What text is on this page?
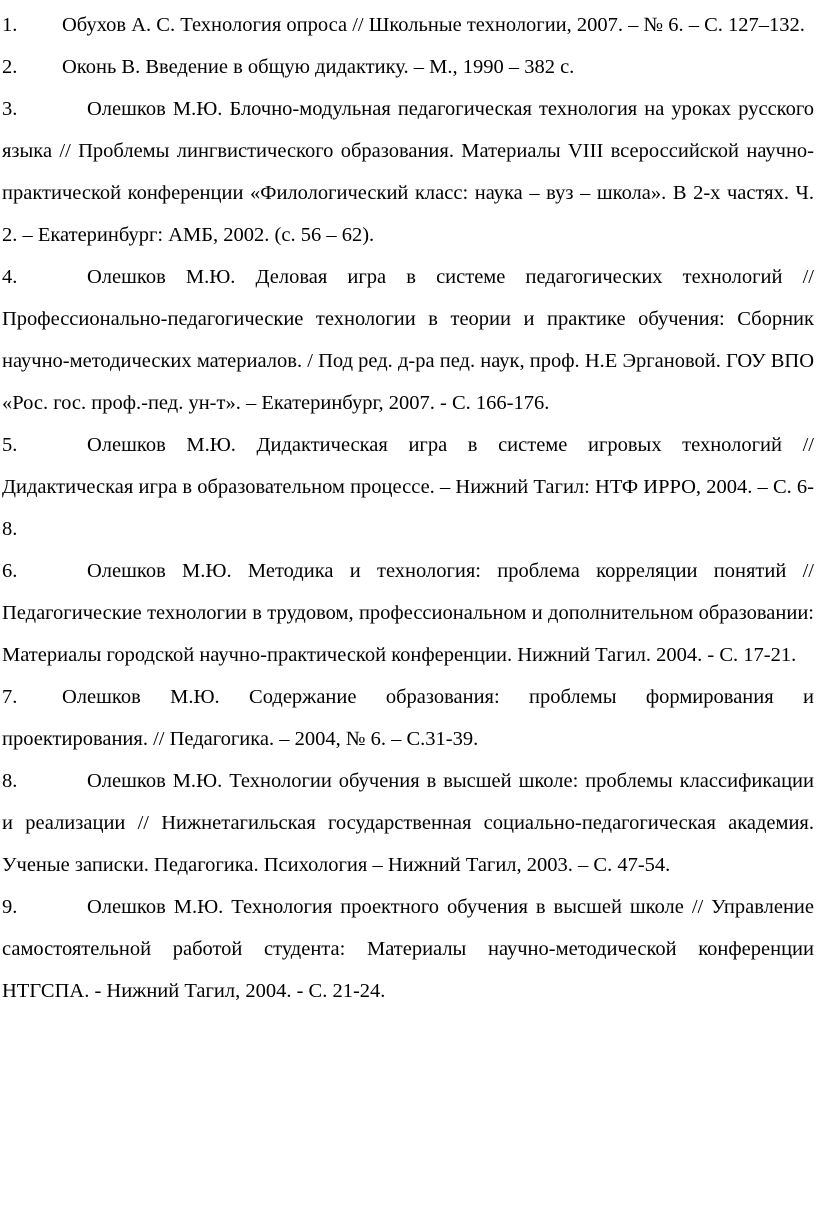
1. Обухов А. С. Технология опроса // Школьные технологии, 2007. – № 6. – С. 127–132.

2. Оконь В. Введение в общую дидактику. – М., 1990 – 382 с.

3.	Олешков М.Ю. Блочно-модульная педагогическая технология на уроках русского языка // Проблемы лингвистического образования. Материалы VIII всероссийской научно-практической конференции «Филологический класс: наука – вуз – школа». В 2-х частях. Ч. 2. – Екатеринбург: АМБ, 2002. (с. 56 – 62).

4.	Олешков М.Ю. Деловая игра в системе педагогических технологий // Профессионально-педагогические технологии в теории и практике обучения: Сборник научно-методических материалов. / Под ред. д-ра пед. наук, проф. Н.Е Эргановой. ГОУ ВПО «Рос. гос. проф.-пед. ун-т». – Екатеринбург, 2007. - С. 166-176.

5.	Олешков М.Ю. Дидактическая игра в системе игровых технологий // Дидактическая игра в образовательном процессе. – Нижний Тагил: НТФ ИРРО, 2004. – С. 6-8.

6.	Олешков М.Ю. Методика и технология: проблема корреляции понятий // Педагогические технологии в трудовом, профессиональном и дополнительном образовании: Материалы городской научно-практической конференции. Нижний Тагил. 2004. - С. 17-21.

7. Олешков М.Ю. Содержание образования: проблемы формирования и проектирования. // Педагогика. – 2004, № 6. – С.31-39.

8.	Олешков М.Ю. Технологии обучения в высшей школе: проблемы классификации и реализации // Нижнетагильская государственная социально-педагогическая академия. Ученые записки. Педагогика. Психология – Нижний Тагил, 2003. – С. 47-54.

9.	Олешков М.Ю. Технология проектного обучения в высшей школе // Управление самостоятельной работой студента: Материалы научно-методической конференции НТГСПА. - Нижний Тагил, 2004. - С. 21-24.
